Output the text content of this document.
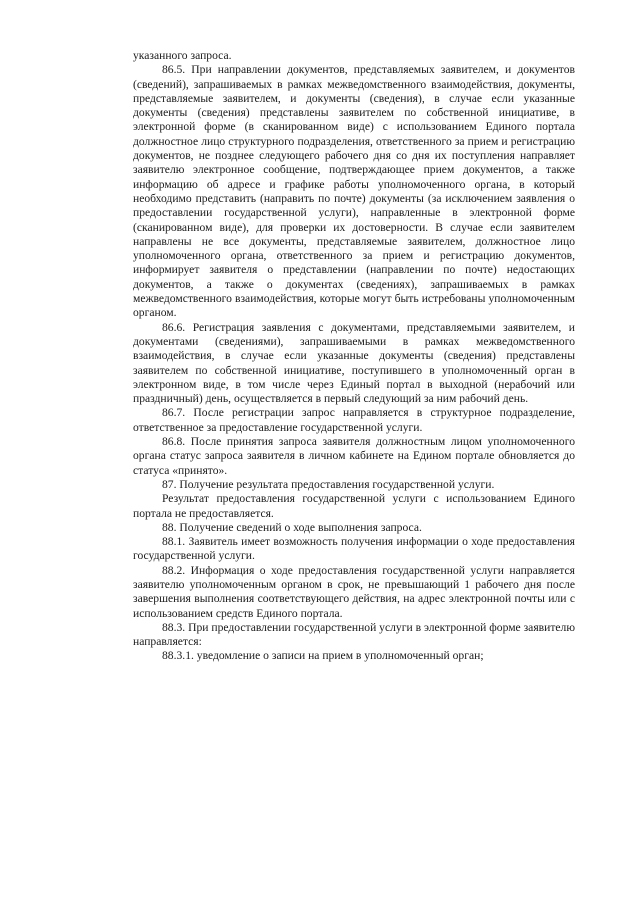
указанного запроса.

86.5. При направлении документов, представляемых заявителем, и документов (сведений), запрашиваемых в рамках межведомственного взаимодействия, документы, представляемые заявителем, и документы (сведения), в случае если указанные документы (сведения) представлены заявителем по собственной инициативе, в электронной форме (в сканированном виде) с использованием Единого портала должностное лицо структурного подразделения, ответственного за прием и регистрацию документов, не позднее следующего рабочего дня со дня их поступления направляет заявителю электронное сообщение, подтверждающее прием документов, а также информацию об адресе и графике работы уполномоченного органа, в который необходимо представить (направить по почте) документы (за исключением заявления о предоставлении государственной услуги), направленные в электронной форме (сканированном виде), для проверки их достоверности. В случае если заявителем направлены не все документы, представляемые заявителем, должностное лицо уполномоченного органа, ответственного за прием и регистрацию документов, информирует заявителя о представлении (направлении по почте) недостающих документов, а также о документах (сведениях), запрашиваемых в рамках межведомственного взаимодействия, которые могут быть истребованы уполномоченным органом.

86.6. Регистрация заявления с документами, представляемыми заявителем, и документами (сведениями), запрашиваемыми в рамках межведомственного взаимодействия, в случае если указанные документы (сведения) представлены заявителем по собственной инициативе, поступившего в уполномоченный орган в электронном виде, в том числе через Единый портал в выходной (нерабочий или праздничный) день, осуществляется в первый следующий за ним рабочий день.

86.7. После регистрации запрос направляется в структурное подразделение, ответственное за предоставление государственной услуги.

86.8. После принятия запроса заявителя должностным лицом уполномоченного органа статус запроса заявителя в личном кабинете на Едином портале обновляется до статуса «принято».

87. Получение результата предоставления государственной услуги.

Результат предоставления государственной услуги с использованием Единого портала не предоставляется.

88. Получение сведений о ходе выполнения запроса.

88.1. Заявитель имеет возможность получения информации о ходе предоставления государственной услуги.

88.2. Информация о ходе предоставления государственной услуги направляется заявителю уполномоченным органом в срок, не превышающий 1 рабочего дня после завершения выполнения соответствующего действия, на адрес электронной почты или с использованием средств Единого портала.

88.3. При предоставлении государственной услуги в электронной форме заявителю направляется:

88.3.1. уведомление о записи на прием в уполномоченный орган;
